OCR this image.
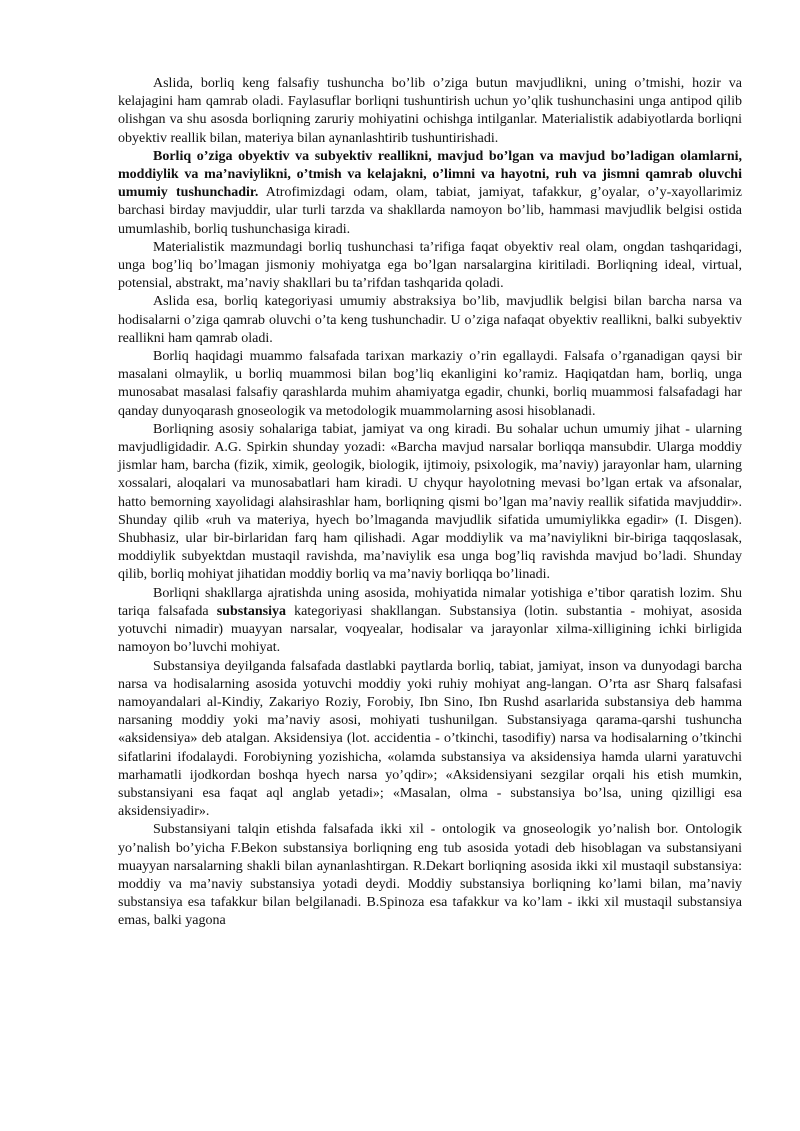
Aslida, borliq keng falsafiy tushuncha bo’lib o’ziga butun mavjudlikni, uning o’tmishi, hozir va kelajagini ham qamrab oladi. Faylasuflar borliqni tushuntirish uchun yo’qlik tushunchasini unga antipod qilib olishgan va shu asosda borliqning zaruriy mohiyatini ochishga intilganlar. Materialistik adabiyotlarda borliqni obyektiv reallik bilan, materiya bilan aynanlashtirib tushuntirishadi.

Borliq o’ziga obyektiv va subyektiv reallikni, mavjud bo’lgan va mavjud bo’ladigan olamlarni, moddiylik va ma’naviylikni, o’tmish va kelajakni, o’limni va hayotni, ruh va jismni qamrab oluvchi umumiy tushunchadir. Atrofimizdagi odam, olam, tabiat, jamiyat, tafakkur, g’oyalar, o’y-xayollarimiz barchasi birday mavjuddir, ular turli tarzda va shakllarda namoyon bo’lib, hammasi mavjudlik belgisi ostida umumlashib, borliq tushunchasiga kiradi.

Materialistik mazmundagi borliq tushunchasi ta’rifiga faqat obyektiv real olam, ongdan tashqaridagi, unga bog’liq bo’lmagan jismoniy mohiyatga ega bo’lgan narsalargina kiritiladi. Borliqning ideal, virtual, potensial, abstrakt, ma’naviy shakllari bu ta’rifdan tashqarida qoladi.

Aslida esa, borliq kategoriyasi umumiy abstraksiya bo’lib, mavjudlik belgisi bilan barcha narsa va hodisalarni o’ziga qamrab oluvchi o’ta keng tushunchadir. U o’ziga nafaqat obyektiv reallikni, balki subyektiv reallikni ham qamrab oladi.

Borliq haqidagi muammo falsafada tarixan markaziy o’rin egallaydi. Falsafa o’rganadigan qaysi bir masalani olmaylik, u borliq muammosi bilan bog’liq ekanligini ko’ramiz. Haqiqatdan ham, borliq, unga munosabat masalasi falsafiy qarashlarda muhim ahamiyatga egadir, chunki, borliq muammosi falsafadagi har qanday dunyoqarash gnoseologik va metodologik muammolarning asosi hisoblanadi.

Borliqning asosiy sohalariga tabiat, jamiyat va ong kiradi. Bu sohalar uchun umumiy jihat - ularning mavjudligidadir. A.G. Spirkin shunday yozadi: «Barcha mavjud narsalar borliqqa mansubdir. Ularga moddiy jismlar ham, barcha (fizik, ximik, geologik, biologik, ijtimoiy, psixologik, ma’naviy) jarayonlar ham, ularning xossalari, aloqalari va munosabatlari ham kiradi. U chyqur hayolotning mevasi bo’lgan ertak va afsonalar, hatto bemorning xayolidagi alahsirashlar ham, borliqning qismi bo’lgan ma’naviy reallik sifatida mavjuddir». Shunday qilib «ruh va materiya, hyech bo’lmaganda mavjudlik sifatida umumiylikka egadir» (I. Disgen). Shubhasiz, ular bir-birlaridan farq ham qilishadi. Agar moddiylik va ma’naviylikni bir-biriga taqqoslasak, moddiylik subyektdan mustaqil ravishda, ma’naviylik esa unga bog’liq ravishda mavjud bo’ladi. Shunday qilib, borliq mohiyat jihatidan moddiy borliq va ma’naviy borliqqa bo’linadi.

Borliqni shakllarga ajratishda uning asosida, mohiyatida nimalar yotishiga e’tibor qaratish lozim. Shu tariqa falsafada substansiya kategoriyasi shakllangan. Substansiya (lotin. substantia - mohiyat, asosida yotuvchi nimadir) muayyan narsalar, voqyealar, hodisalar va jarayonlar xilma-xilligining ichki birligida namoyon bo’luvchi mohiyat.

Substansiya deyilganda falsafada dastlabki paytlarda borliq, tabiat, jamiyat, inson va dunyodagi barcha narsa va hodisalarning asosida yotuvchi moddiy yoki ruhiy mohiyat ang-langan. O’rta asr Sharq falsafasi namoyandalari al-Kindiy, Zakariyo Roziy, Forobiy, Ibn Sino, Ibn Rushd asarlarida substansiya deb hamma narsaning moddiy yoki ma’naviy asosi, mohiyati tushunilgan. Substansiyaga qarama-qarshi tushuncha «aksidensiya» deb atalgan. Aksidensiya (lot. accidentia - o’tkinchi, tasodifiy) narsa va hodisalarning o’tkinchi sifatlarini ifodalaydi. Forobiyning yozishicha, «olamda substansiya va aksidensiya hamda ularni yaratuvchi marhamatli ijodkordan boshqa hyech narsa yo’qdir»; «Aksidensiyani sezgilar orqali his etish mumkin, substansiyani esa faqat aql anglab yetadi»; «Masalan, olma - substansiya bo’lsa, uning qizilligi esa aksidensiyadir».

Substansiyani talqin etishda falsafada ikki xil - ontologik va gnoseologik yo’nalish bor. Ontologik yo’nalish bo’yicha F.Bekon substansiya borliqning eng tub asosida yotadi deb hisoblagan va substansiyani muayyan narsalarning shakli bilan aynanlashtirgan. R.Dekart borliqning asosida ikki xil mustaqil substansiya: moddiy va ma’naviy substansiya yotadi deydi. Moddiy substansiya borliqning ko’lami bilan, ma’naviy substansiya esa tafakkur bilan belgilanadi. B.Spinoza esa tafakkur va ko’lam - ikki xil mustaqil substansiya emas, balki yagona
